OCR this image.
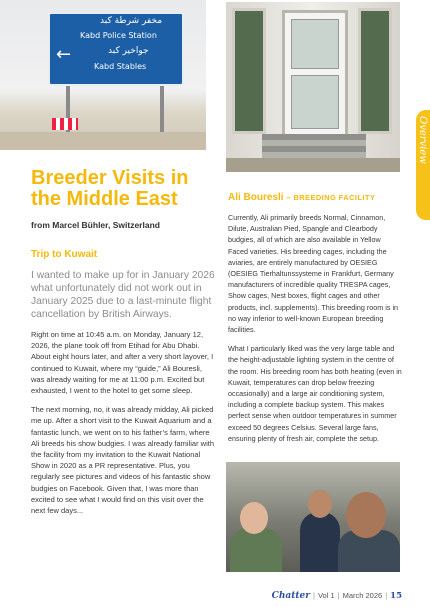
←
مخفر شرطة كبد
Kabd Police Station
جواخير كبد
Kabd Stables
Overview
Breeder Visits in the Middle East
from Marcel Bühler, Switzerland
Trip to Kuwait

I wanted to make up for in January 2026 what unfortunately did not work out in January 2025 due to a last-minute flight cancellation by British Airways.

Right on time at 10:45 a.m. on Monday, January 12, 2026, the plane took off from Etihad for Abu Dhabi. About eight hours later, and after a very short layover, I continued to Kuwait, where my “guide,” Ali Bouresli, was already waiting for me at 11:00 p.m. Excited but exhausted, I went to the hotel to get some sleep.

The next morning, no, it was already midday, Ali picked me up. After a short visit to the Kuwait Aquarium and a fantastic lunch, we went on to his father’s farm, where Ali breeds his show budgies. I was already familiar with the facility from my invitation to the Kuwait National Show in 2020 as a PR representative. Plus, you regularly see pictures and videos of his fantastic show budgies on Facebook. Given that, I was more than excited to see what I would find on this visit over the next few days...

Ali Bouresli – BREEDING FACILITY

Currently, Ali primarily breeds Normal, Cinnamon, Dilute, Australian Pied, Spangle and Clearbody budgies, all of which are also available in Yellow Faced varieties. His breeding cages, including the aviaries, are entirely manufactured by OESIEG (OESIEG Tierhaltunssysteme in Frankfurt, Germany manufacturers of incredible quality TRESPA cages, Show cages, Nest boxes, flight cages and other products, incl. supplements). This breeding room is in no way inferior to well-known European breeding facilities.

What I particularly liked was the very large table and the height-adjustable lighting system in the centre of the room. His breeding room has both heating (even in Kuwait, temperatures can drop below freezing occasionally) and a large air conditioning system, including a complete backup system. This makes perfect sense when outdoor temperatures in summer exceed 50 degrees Celsius. Several large fans, ensuring plenty of fresh air, complete the setup.

Chatter | Vol 1 | March 2026 | 15
